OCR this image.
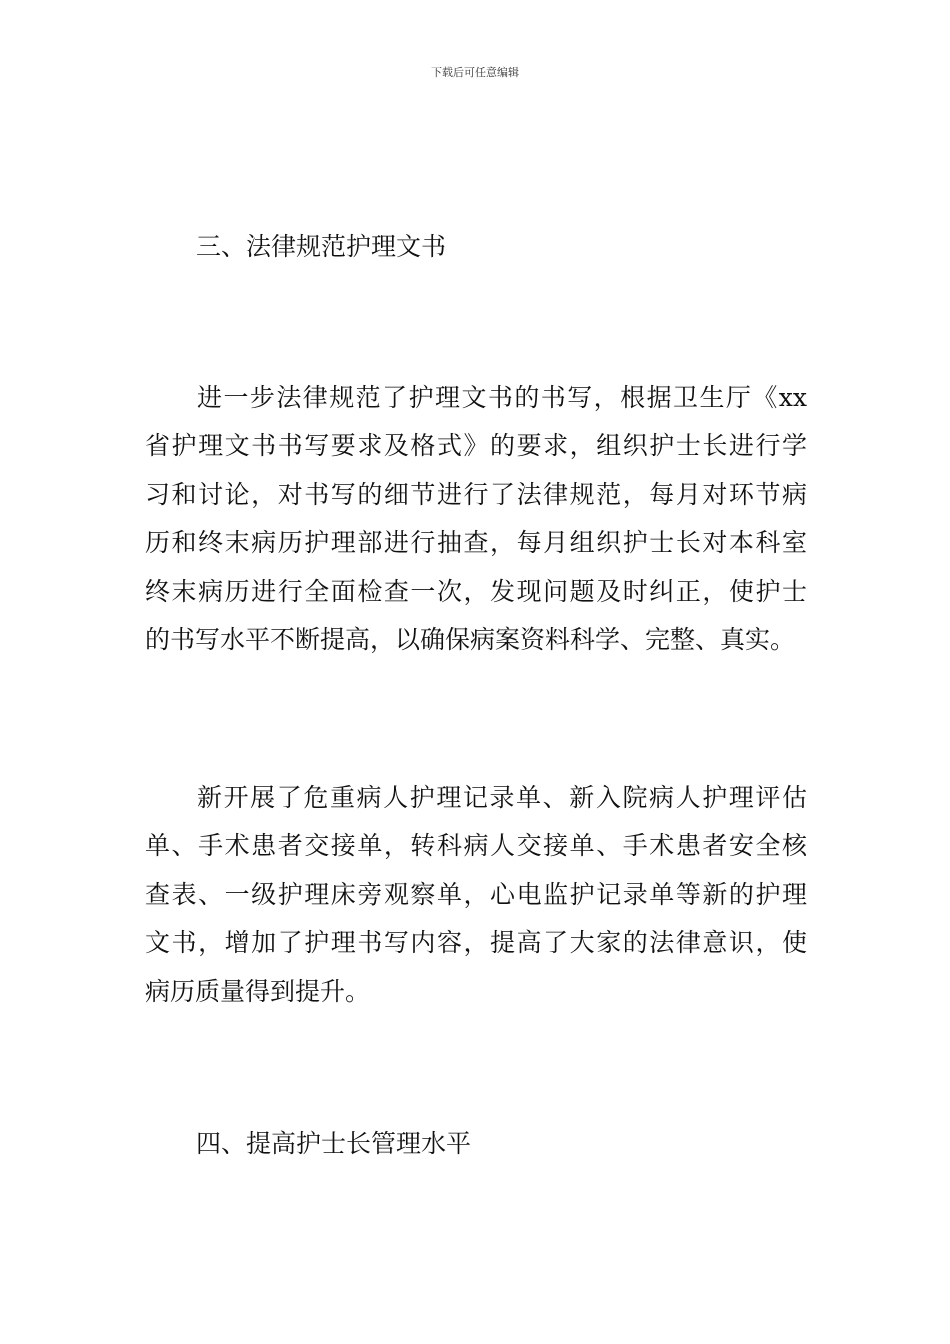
下载后可任意编辑
三、法律规范护理文书
进一步法律规范了护理文书的书写，根据卫生厅《xx
省护理文书书写要求及格式》的要求，组织护士长进行学
习和讨论，对书写的细节进行了法律规范，每月对环节病
历和终末病历护理部进行抽查，每月组织护士长对本科室
终末病历进行全面检查一次，发现问题及时纠正，使护士
的书写水平不断提高，以确保病案资料科学、完整、真实。
新开展了危重病人护理记录单、新入院病人护理评估
单、手术患者交接单，转科病人交接单、手术患者安全核
查表、一级护理床旁观察单，心电监护记录单等新的护理
文书，增加了护理书写内容，提高了大家的法律意识，使
病历质量得到提升。
四、提高护士长管理水平
